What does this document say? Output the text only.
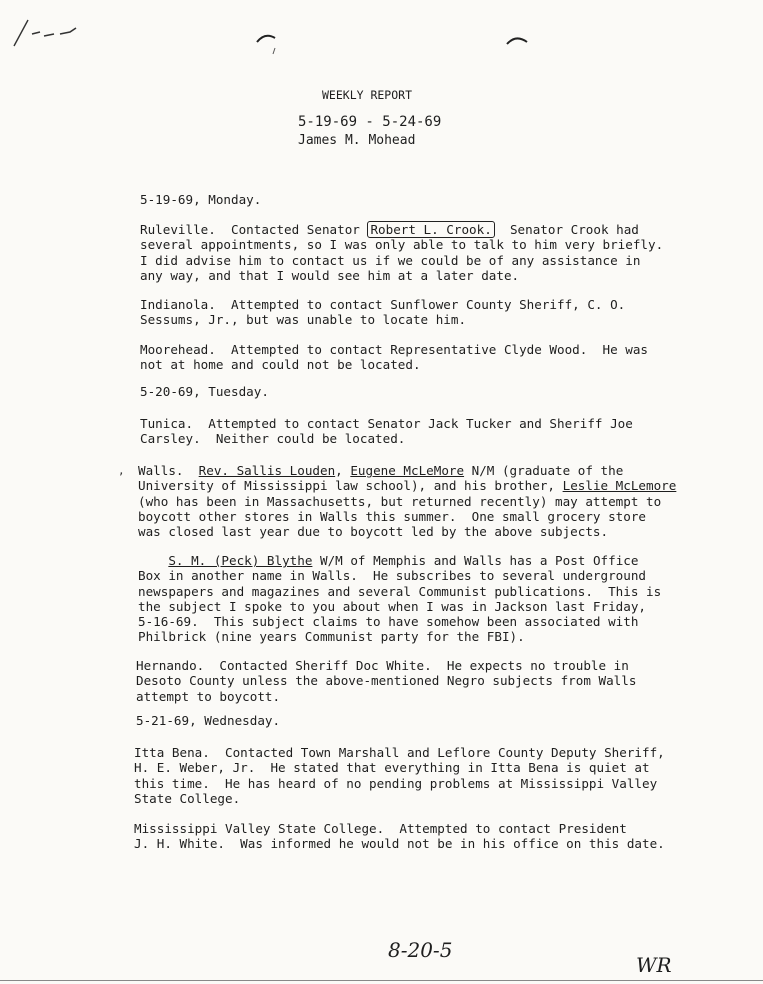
WEEKLY REPORT
5-19-69 - 5-24-69
James M. Mohead
5-19-69, Monday.

Ruleville.  Contacted Senator Robert L. Crook.  Senator Crook had
several appointments, so I was only able to talk to him very briefly.
I did advise him to contact us if we could be of any assistance in
any way, and that I would see him at a later date.

Indianola.  Attempted to contact Sunflower County Sheriff, C. O.
Sessums, Jr., but was unable to locate him.
Moorehead.  Attempted to contact Representative Clyde Wood.  He was
not at home and could not be located.
5-20-69, Tuesday.
Tunica.  Attempted to contact Senator Jack Tucker and Sheriff Joe
Carsley.  Neither could be located.
, Walls.  Rev. Sallis Louden, Eugene McLeMore N/M (graduate of the
University of Mississippi law school), and his brother, Leslie McLemore
(who has been in Massachusetts, but returned recently) may attempt to
boycott other stores in Walls this summer.  One small grocery store
was closed last year due to boycott led by the above subjects.

S. M. (Peck) Blythe W/M of Memphis and Walls has a Post Office
Box in another name in Walls.  He subscribes to several underground
newspapers and magazines and several Communist publications.  This is
the subject I spoke to you about when I was in Jackson last Friday,
5-16-69.  This subject claims to have somehow been associated with
Philbrick (nine years Communist party for the FBI).

Hernando.  Contacted Sheriff Doc White.  He expects no trouble in
Desoto County unless the above-mentioned Negro subjects from Walls
attempt to boycott.
5-21-69, Wednesday.
Itta Bena.  Contacted Town Marshall and Leflore County Deputy Sheriff,
H. E. Weber, Jr.  He stated that everything in Itta Bena is quiet at
this time.  He has heard of no pending problems at Mississippi Valley
State College.
Mississippi Valley State College.  Attempted to contact President
J. H. White.  Was informed he would not be in his office on this date.
8-20-5
WR
